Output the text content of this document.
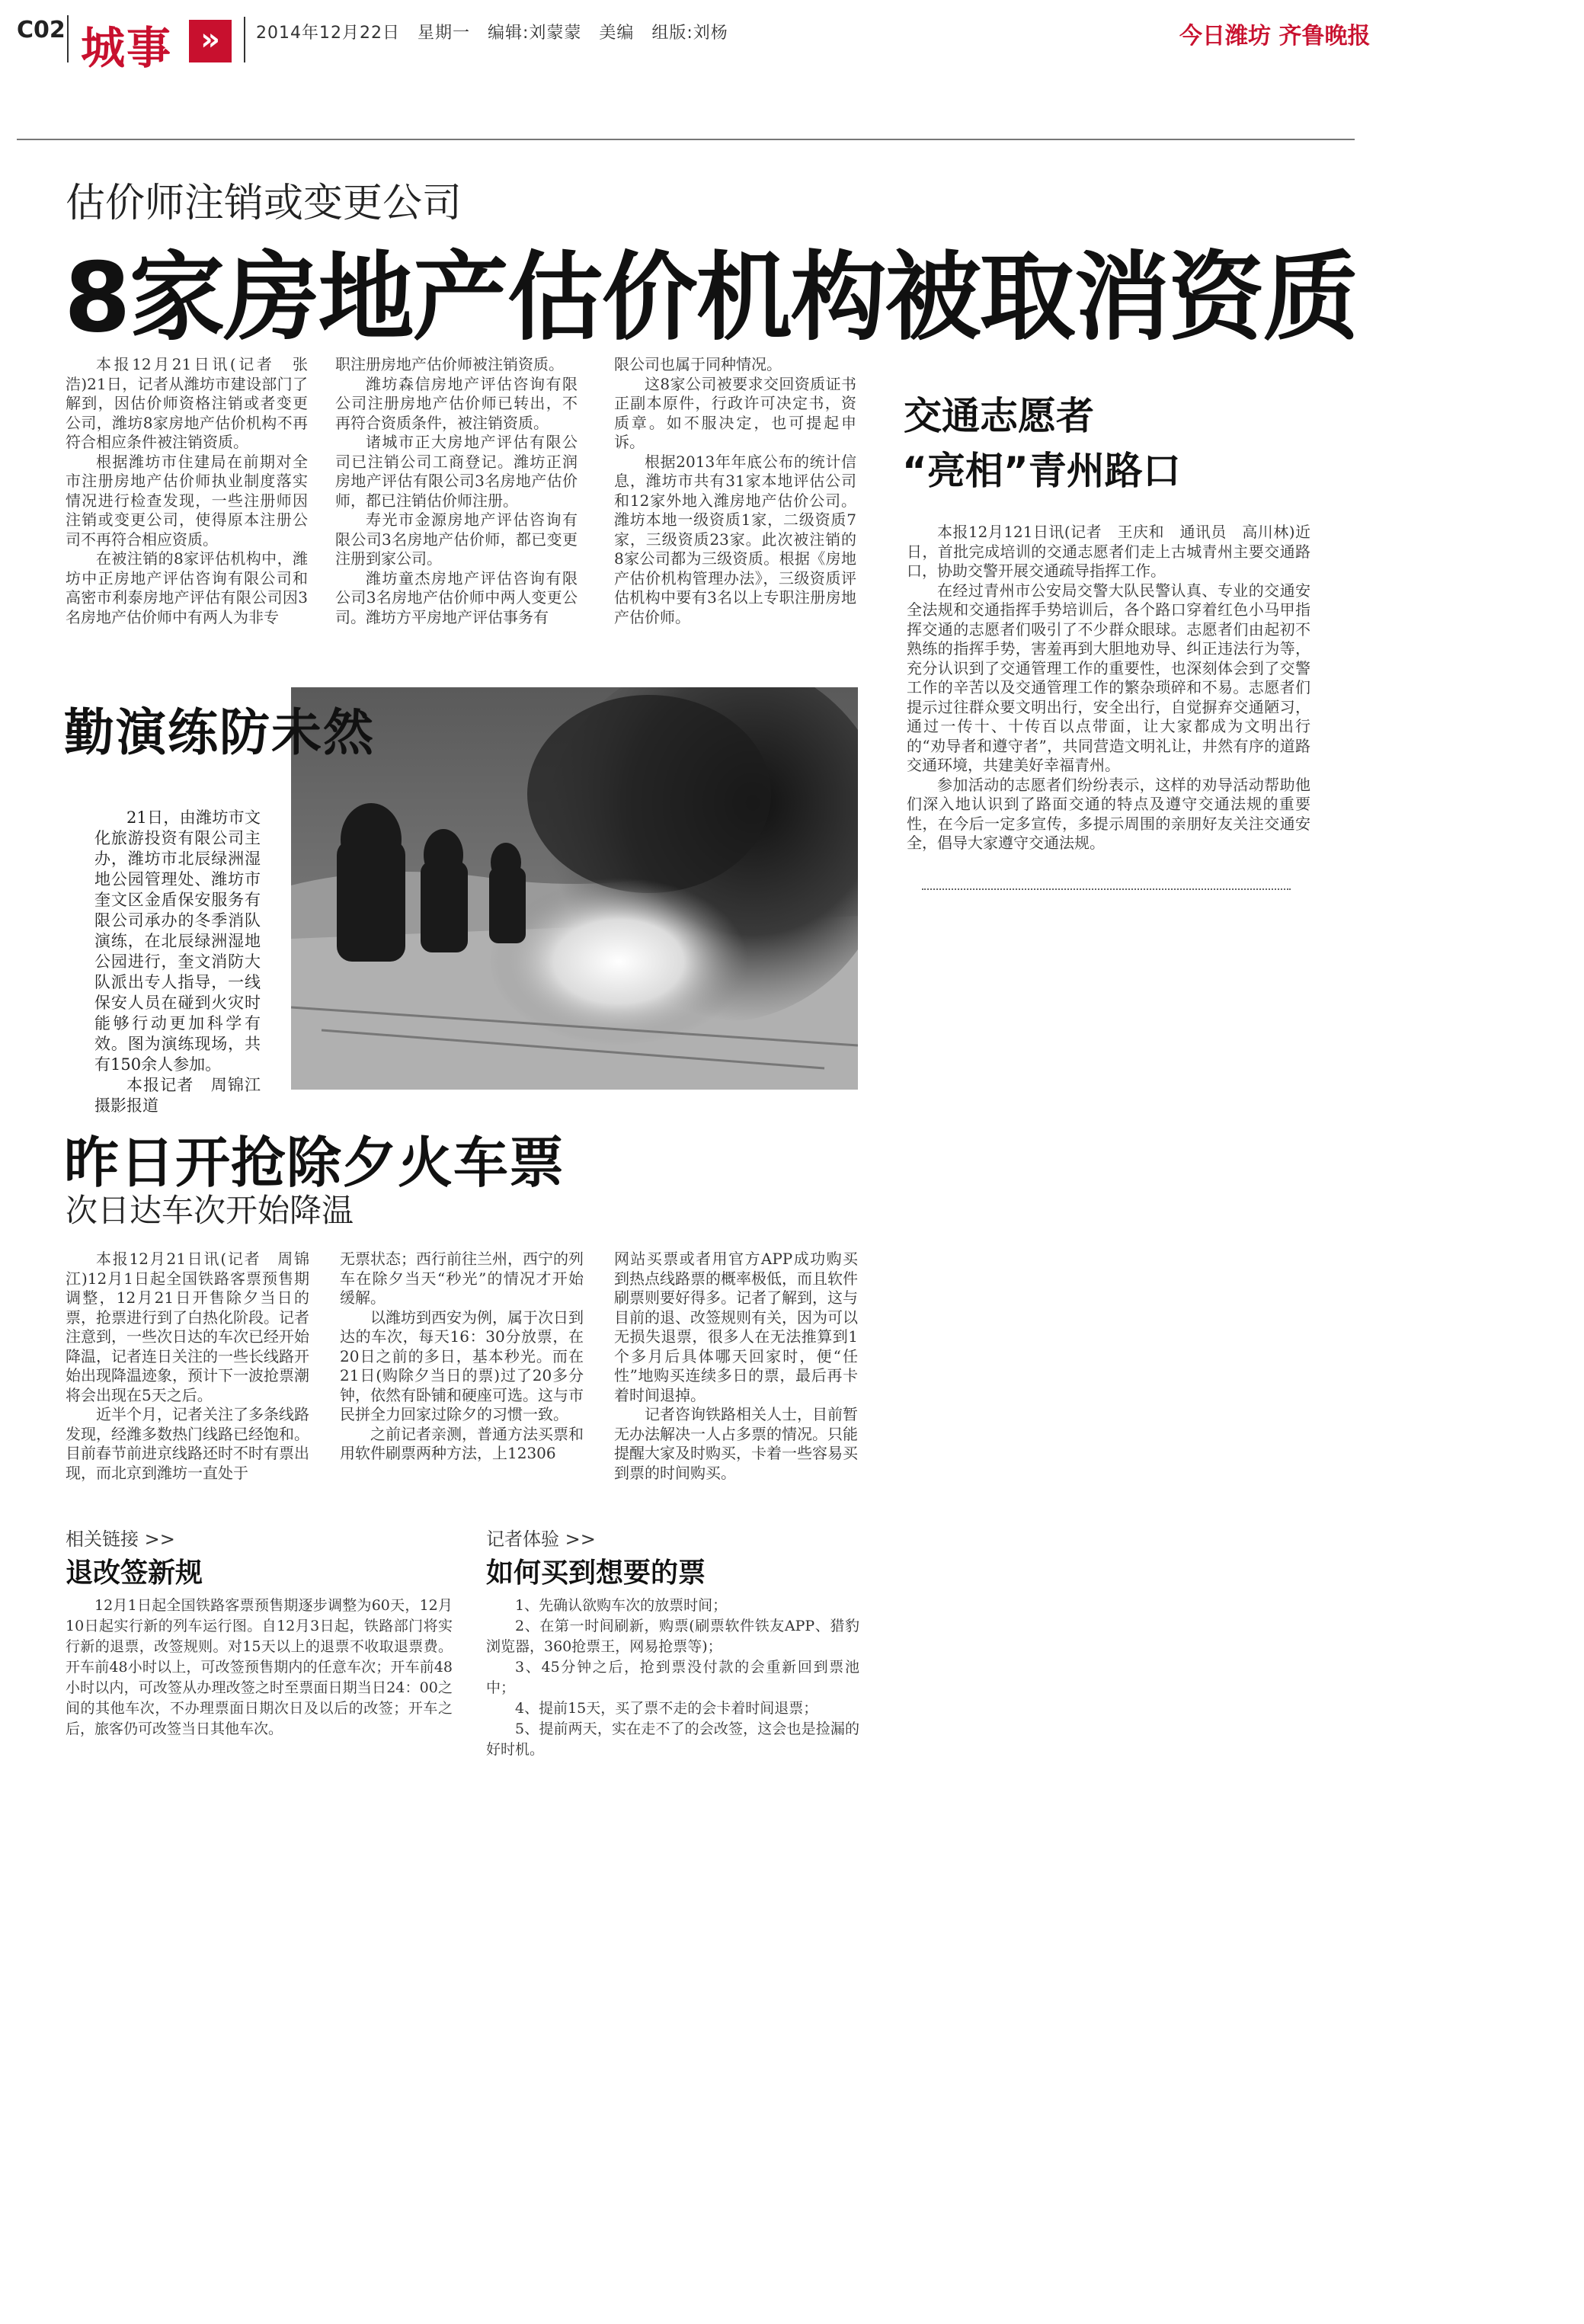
C02 城事 »	2014年12月22日　星期一　编辑:刘蒙蒙　美编　组版:刘杨	今日潍坊 齐鲁晚报
估价师注销或变更公司
8家房地产估价机构被取消资质

本报12月21日讯(记者　张浩)21日，记者从潍坊市建设部门了解到，因估价师资格注销或者变更公司，潍坊8家房地产估价机构不再符合相应条件被注销资质。

根据潍坊市住建局在前期对全市注册房地产估价师执业制度落实情况进行检查发现，一些注册师因注销或变更公司，使得原本注册公司不再符合相应资质。

在被注销的8家评估机构中，潍坊中正房地产评估咨询有限公司和高密市利泰房地产评估有限公司因3名房地产估价师中有两人为非专

职注册房地产估价师被注销资质。

潍坊森信房地产评估咨询有限公司注册房地产估价师已转出，不再符合资质条件，被注销资质。

诸城市正大房地产评估有限公司已注销公司工商登记。潍坊正润房地产评估有限公司3名房地产估价师，都已注销估价师注册。

寿光市金源房地产评估咨询有限公司3名房地产估价师，都已变更注册到家公司。

潍坊童杰房地产评估咨询有限公司3名房地产估价师中两人变更公司。潍坊方平房地产评估事务有

限公司也属于同种情况。

这8家公司被要求交回资质证书正副本原件，行政许可决定书，资质章。如不服决定，也可提起申诉。

根据2013年年底公布的统计信息，潍坊市共有31家本地评估公司和12家外地入潍房地产估价公司。潍坊本地一级资质1家，二级资质7家，三级资质23家。此次被注销的8家公司都为三级资质。根据《房地产估价机构管理办法》，三级资质评估机构中要有3名以上专职注册房地产估价师。

交通志愿者
“亮相”青州路口

本报12月121日讯(记者　王庆和　通讯员　高川林)近日，首批完成培训的交通志愿者们走上古城青州主要交通路口，协助交警开展交通疏导指挥工作。

在经过青州市公安局交警大队民警认真、专业的交通安全法规和交通指挥手势培训后，各个路口穿着红色小马甲指挥交通的志愿者们吸引了不少群众眼球。志愿者们由起初不熟练的指挥手势，害羞再到大胆地劝导、纠正违法行为等，充分认识到了交通管理工作的重要性，也深刻体会到了交警工作的辛苦以及交通管理工作的繁杂琐碎和不易。志愿者们提示过往群众要文明出行，安全出行，自觉摒弃交通陋习，通过一传十、十传百以点带面，让大家都成为文明出行的“劝导者和遵守者”，共同营造文明礼让，井然有序的道路交通环境，共建美好幸福青州。

参加活动的志愿者们纷纷表示，这样的劝导活动帮助他们深入地认识到了路面交通的特点及遵守交通法规的重要性，在今后一定多宣传，多提示周围的亲朋好友关注交通安全，倡导大家遵守交通法规。

勤演练防未然

21日，由潍坊市文化旅游投资有限公司主办，潍坊市北辰绿洲湿地公园管理处、潍坊市奎文区金盾保安服务有限公司承办的冬季消队演练，在北辰绿洲湿地公园进行，奎文消防大队派出专人指导，一线保安人员在碰到火灾时能够行动更加科学有效。图为演练现场，共有150余人参加。

本报记者　周锦江　摄影报道

昨日开抢除夕火车票
次日达车次开始降温

本报12月21日讯(记者　周锦江)12月1日起全国铁路客票预售期调整，12月21日开售除夕当日的票，抢票进行到了白热化阶段。记者注意到，一些次日达的车次已经开始降温，记者连日关注的一些长线路开始出现降温迹象，预计下一波抢票潮将会出现在5天之后。

近半个月，记者关注了多条线路发现，经潍多数热门线路已经饱和。目前春节前进京线路还时不时有票出现，而北京到潍坊一直处于

无票状态；西行前往兰州，西宁的列车在除夕当天“秒光”的情况才开始缓解。

以潍坊到西安为例，属于次日到达的车次，每天16：30分放票，在20日之前的多日，基本秒光。而在21日(购除夕当日的票)过了20多分钟，依然有卧铺和硬座可选。这与市民拼全力回家过除夕的习惯一致。

之前记者亲测，普通方法买票和用软件刷票两种方法，上12306

网站买票或者用官方APP成功购买到热点线路票的概率极低，而且软件刷票则要好得多。记者了解到，这与目前的退、改签规则有关，因为可以无损失退票，很多人在无法推算到1个多月后具体哪天回家时，便“任性”地购买连续多日的票，最后再卡着时间退掉。

记者咨询铁路相关人士，目前暂无办法解决一人占多票的情况。只能提醒大家及时购买，卡着一些容易买到票的时间购买。

相关链接 >>
退改签新规

12月1日起全国铁路客票预售期逐步调整为60天，12月10日起实行新的列车运行图。自12月3日起，铁路部门将实行新的退票，改签规则。对15天以上的退票不收取退票费。开车前48小时以上，可改签预售期内的任意车次；开车前48小时以内，可改签从办理改签之时至票面日期当日24：00之间的其他车次，不办理票面日期次日及以后的改签；开车之后，旅客仍可改签当日其他车次。

记者体验 >>
如何买到想要的票

1、先确认欲购车次的放票时间；

2、在第一时间刷新，购票(刷票软件铁友APP、猎豹浏览器，360抢票王，网易抢票等)；

3、45分钟之后，抢到票没付款的会重新回到票池中；

4、提前15天，买了票不走的会卡着时间退票；

5、提前两天，实在走不了的会改签，这会也是捡漏的好时机。
